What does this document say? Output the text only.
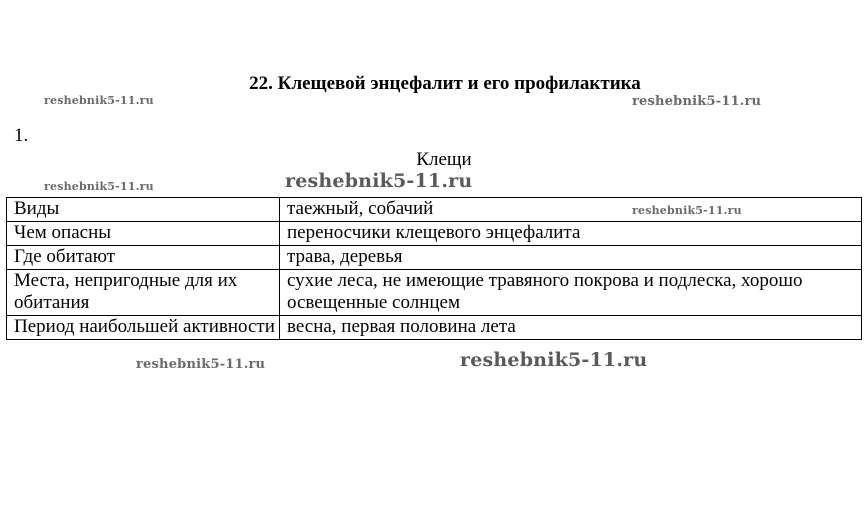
22. Клещевой энцефалит и его профилактика
reshebnik5-11.ru	reshebnik5-11.ru
1.
Клещи
reshebnik5-11.ru	reshebnik5-11.ru
Виды	таежный, собачий
Чем опасны	переносчики клещевого энцефалита
Где обитают	трава, деревья
Места, непригодные для их обитания	сухие леса, не имеющие травяного покрова и подлеска, хорошо освещенные солнцем
Период наибольшей активности	весна, первая половина лета
reshebnik5-11.ru
reshebnik5-11.ru	reshebnik5-11.ru
